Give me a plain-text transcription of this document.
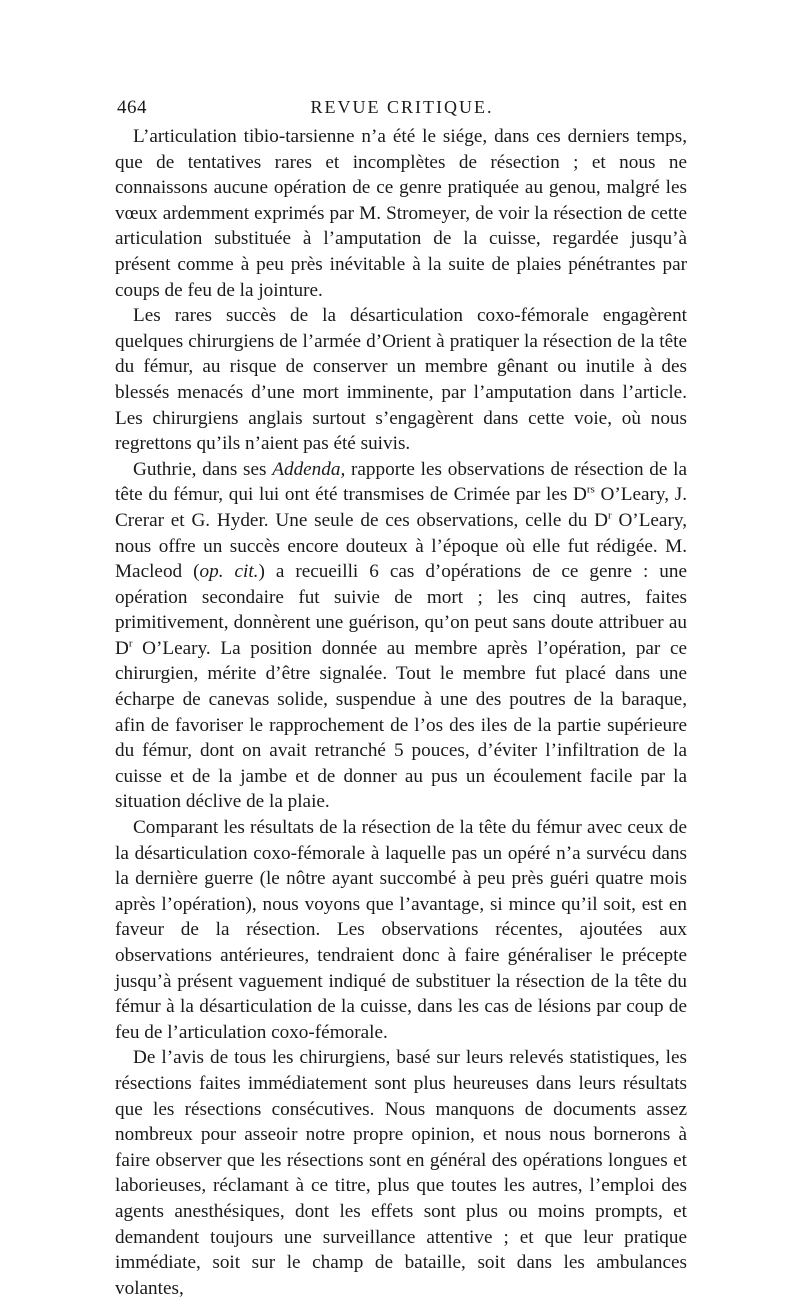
464	REVUE CRITIQUE.

L’articulation tibio-tarsienne n’a été le siége, dans ces derniers temps, que de tentatives rares et incomplètes de résection ; et nous ne connaissons aucune opération de ce genre pratiquée au genou, malgré les vœux ardemment exprimés par M. Stromeyer, de voir la résection de cette articulation substituée à l’amputation de la cuisse, regardée jusqu’à présent comme à peu près inévitable à la suite de plaies pénétrantes par coups de feu de la jointure.

Les rares succès de la désarticulation coxo-fémorale engagèrent quelques chirurgiens de l’armée d’Orient à pratiquer la résection de la tête du fémur, au risque de conserver un membre gênant ou inutile à des blessés menacés d’une mort imminente, par l’amputation dans l’article. Les chirurgiens anglais surtout s’engagèrent dans cette voie, où nous regrettons qu’ils n’aient pas été suivis.

Guthrie, dans ses Addenda, rapporte les observations de résection de la tête du fémur, qui lui ont été transmises de Crimée par les $D^{rs}$ O’Leary, J. Crerar et G. Hyder. Une seule de ces observations, celle du $D^r$ O’Leary, nous offre un succès encore douteux à l’époque où elle fut rédigée. M. Macleod (op. cit.) a recueilli 6 cas d’opérations de ce genre : une opération secondaire fut suivie de mort ; les cinq autres, faites primitivement, donnèrent une guérison, qu’on peut sans doute attribuer au $D^r$ O’Leary. La position donnée au membre après l’opération, par ce chirurgien, mérite d’être signalée. Tout le membre fut placé dans une écharpe de canevas solide, suspendue à une des poutres de la baraque, afin de favoriser le rapprochement de l’os des iles de la partie supérieure du fémur, dont on avait retranché 5 pouces, d’éviter l’infiltration de la cuisse et de la jambe et de donner au pus un écoulement facile par la situation déclive de la plaie.

Comparant les résultats de la résection de la tête du fémur avec ceux de la désarticulation coxo-fémorale à laquelle pas un opéré n’a survécu dans la dernière guerre (le nôtre ayant succombé à peu près guéri quatre mois après l’opération), nous voyons que l’avantage, si mince qu’il soit, est en faveur de la résection. Les observations récentes, ajoutées aux observations antérieures, tendraient donc à faire généraliser le précepte jusqu’à présent vaguement indiqué de substituer la résection de la tête du fémur à la désarticulation de la cuisse, dans les cas de lésions par coup de feu de l’articulation coxo-fémorale.

De l’avis de tous les chirurgiens, basé sur leurs relevés statistiques, les résections faites immédiatement sont plus heureuses dans leurs résultats que les résections consécutives. Nous manquons de documents assez nombreux pour asseoir notre propre opinion, et nous nous bornerons à faire observer que les résections sont en général des opérations longues et laborieuses, réclamant à ce titre, plus que toutes les autres, l’emploi des agents anesthésiques, dont les effets sont plus ou moins prompts, et demandent toujours une surveillance attentive ; et que leur pratique immédiate, soit sur le champ de bataille, soit dans les ambulances volantes,
